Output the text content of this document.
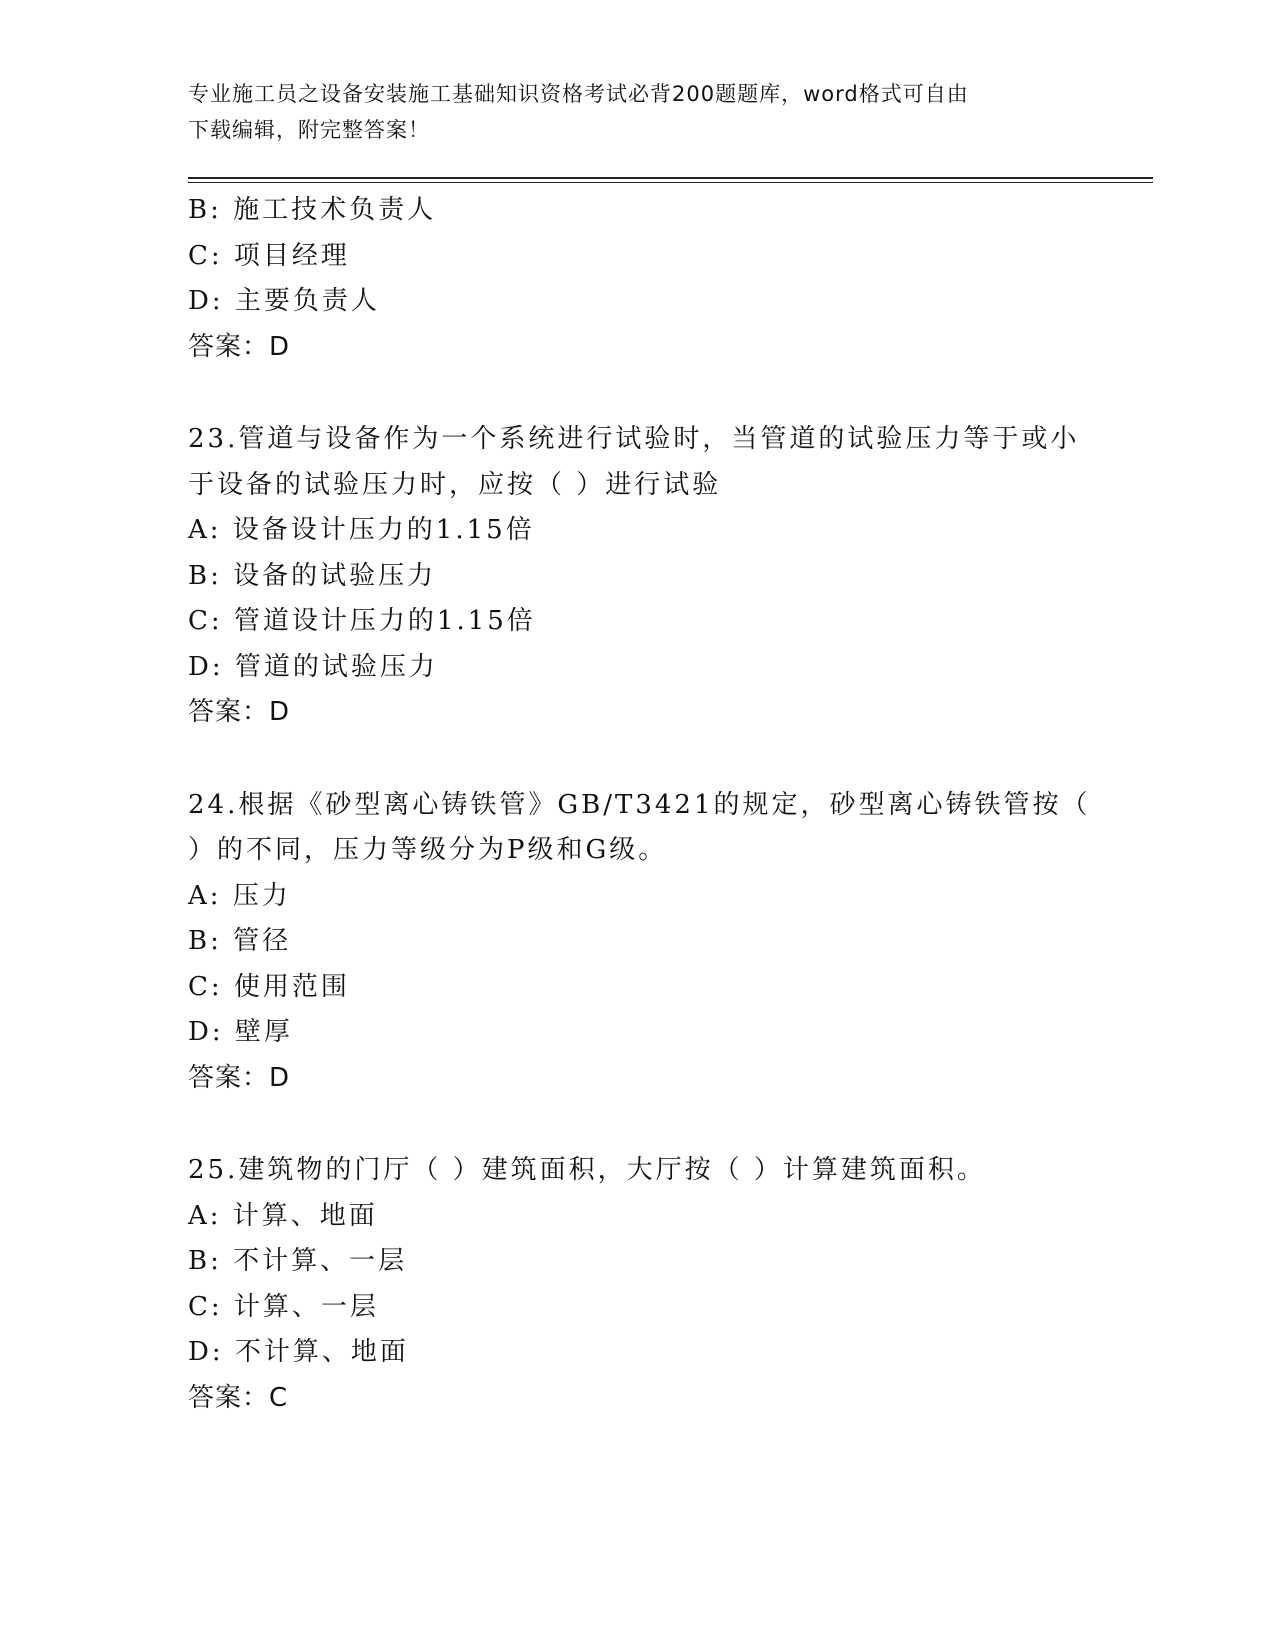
专业施工员之设备安装施工基础知识资格考试必背200题题库，word格式可自由
下载编辑，附完整答案！
B: 施工技术负责人
C: 项目经理
D: 主要负责人
答案：D
23.管道与设备作为一个系统进行试验时，当管道的试验压力等于或小
于设备的试验压力时，应按（ ）进行试验
A: 设备设计压力的1.15倍
B: 设备的试验压力
C: 管道设计压力的1.15倍
D: 管道的试验压力
答案：D
24.根据《砂型离心铸铁管》GB/T3421的规定，砂型离心铸铁管按（
）的不同，压力等级分为P级和G级。
A: 压力
B: 管径
C: 使用范围
D: 壁厚
答案：D
25.建筑物的门厅（ ）建筑面积，大厅按（ ）计算建筑面积。
A: 计算、地面
B: 不计算、一层
C: 计算、一层
D: 不计算、地面
答案：C
